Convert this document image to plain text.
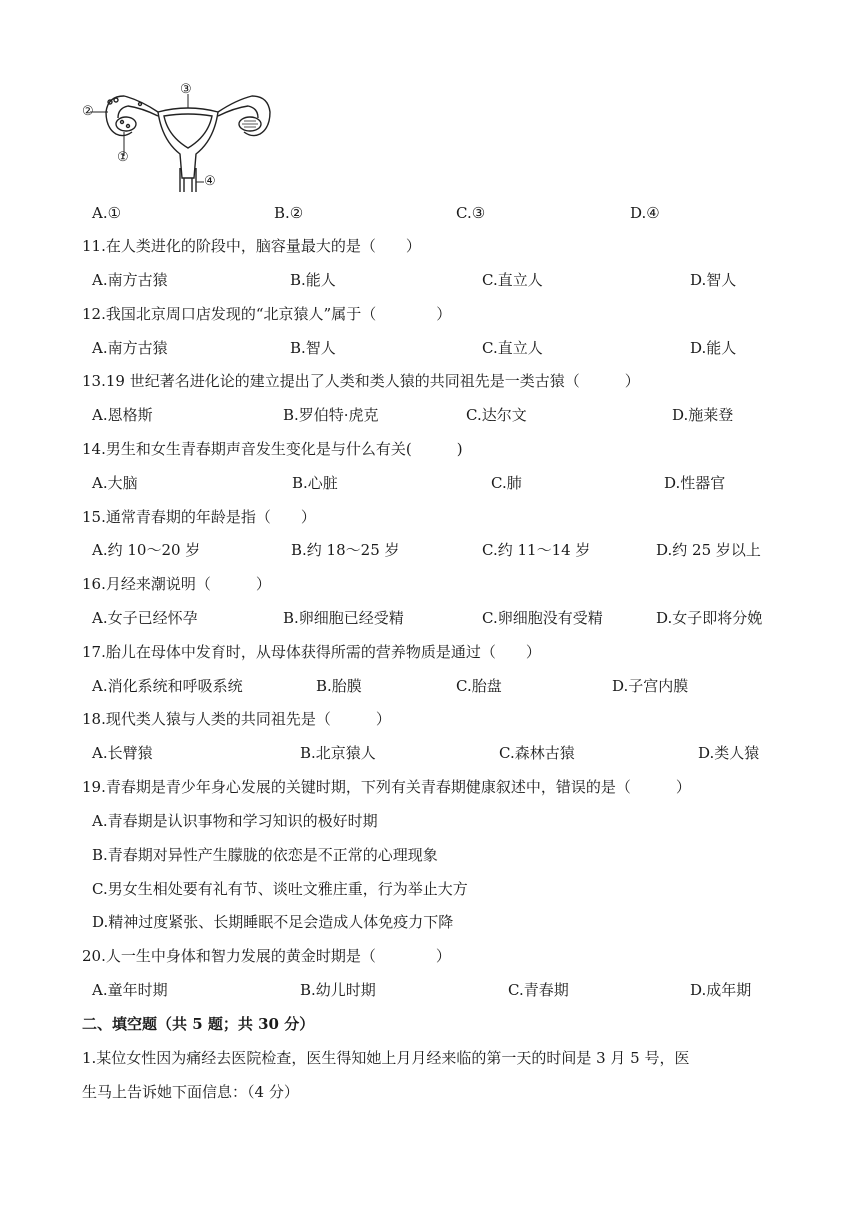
②
③
①
④
A.①	B.②	C.③	D.④
11.在人类进化的阶段中，脑容量最大的是（　　）
A.南方古猿	B.能人	C.直立人	D.智人
12.我国北京周口店发现的“北京猿人”属于（　　　　）
A.南方古猿	B.智人	C.直立人	D.能人
13.19 世纪著名进化论的建立提出了人类和类人猿的共同祖先是一类古猿（　　　）
A.恩格斯	B.罗伯特·虎克	C.达尔文	D.施莱登
14.男生和女生青春期声音发生变化是与什么有关(　　　)
A.大脑	B.心脏	C.肺	D.性器官
15.通常青春期的年龄是指（　　）
A.约 10～20 岁	B.约 18～25 岁	C.约 11～14 岁	D.约 25 岁以上
16.月经来潮说明（　　　）
A.女子已经怀孕	B.卵细胞已经受精	C.卵细胞没有受精	D.女子即将分娩
17.胎儿在母体中发育时，从母体获得所需的营养物质是通过（　　）
A.消化系统和呼吸系统	B.胎膜	C.胎盘	D.子宫内膜
18.现代类人猿与人类的共同祖先是（　　　）
A.长臂猿	B.北京猿人	C.森林古猿	D.类人猿
19.青春期是青少年身心发展的关键时期，下列有关青春期健康叙述中，错误的是（　　　）
A.青春期是认识事物和学习知识的极好时期
B.青春期对异性产生朦胧的依恋是不正常的心理现象
C.男女生相处要有礼有节、谈吐文雅庄重，行为举止大方
D.精神过度紧张、长期睡眠不足会造成人体免疫力下降
20.人一生中身体和智力发展的黄金时期是（　　　　）
A.童年时期	B.幼儿时期	C.青春期	D.成年期
二、填空题（共 5 题；共 30 分）
1.某位女性因为痛经去医院检查，医生得知她上月月经来临的第一天的时间是 3 月 5 号，医
生马上告诉她下面信息：（4 分）
